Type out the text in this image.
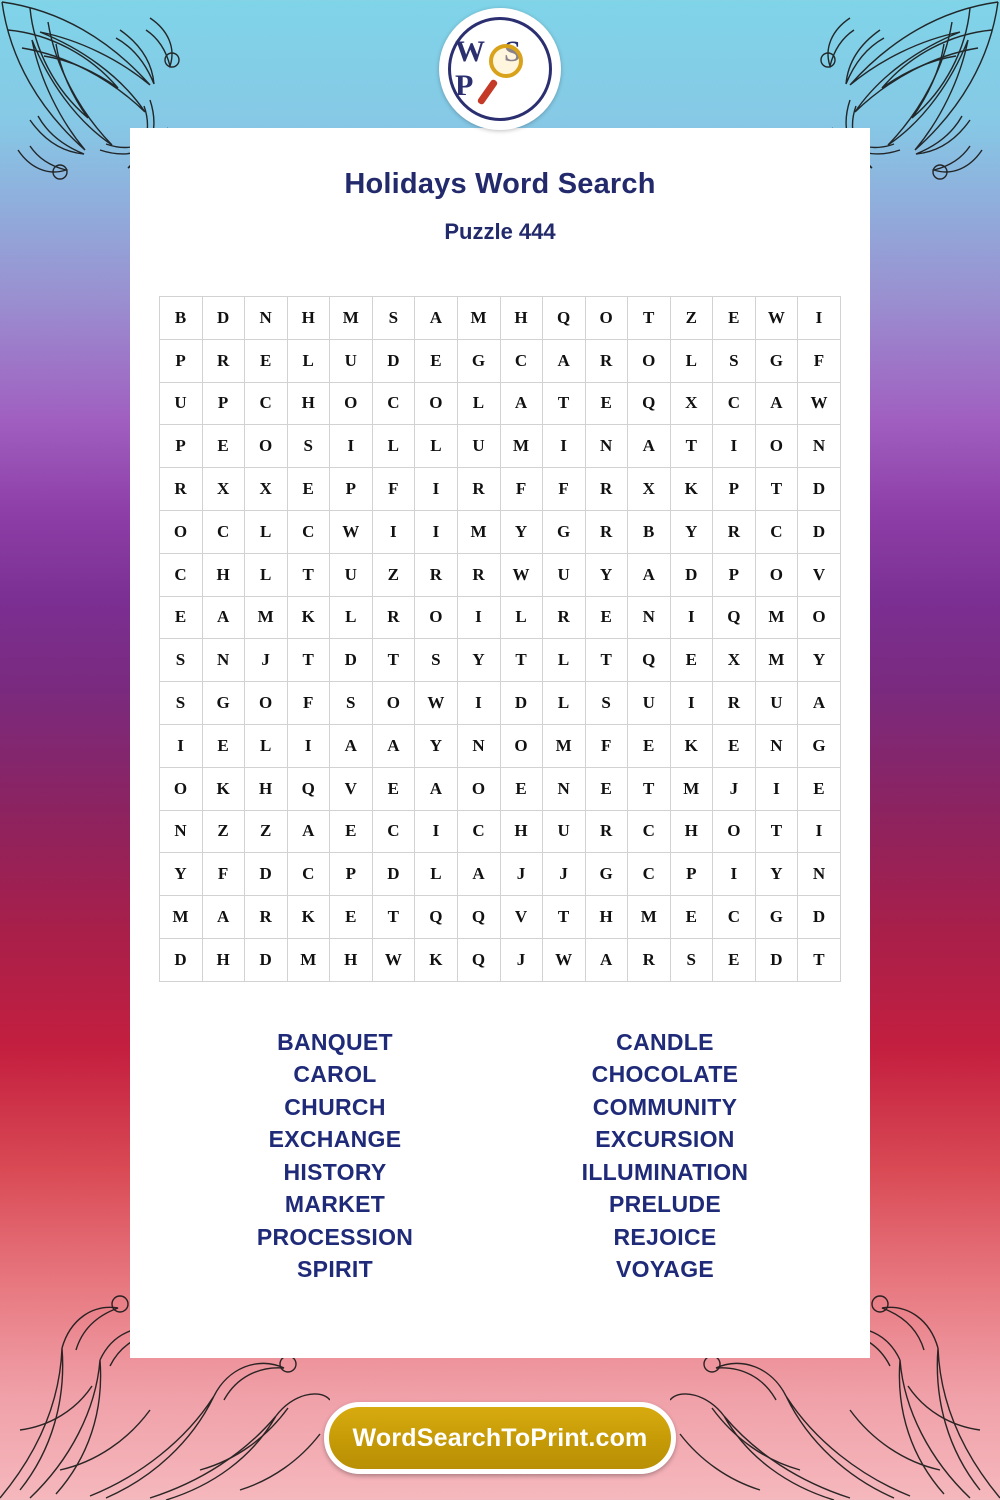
W S P
Holidays Word Search
Puzzle 444
B	D	N	H	M	S	A	M	H	Q	O	T	Z	E	W	I
P	R	E	L	U	D	E	G	C	A	R	O	L	S	G	F
U	P	C	H	O	C	O	L	A	T	E	Q	X	C	A	W
P	E	O	S	I	L	L	U	M	I	N	A	T	I	O	N
R	X	X	E	P	F	I	R	F	F	R	X	K	P	T	D
O	C	L	C	W	I	I	M	Y	G	R	B	Y	R	C	D
C	H	L	T	U	Z	R	R	W	U	Y	A	D	P	O	V
E	A	M	K	L	R	O	I	L	R	E	N	I	Q	M	O
S	N	J	T	D	T	S	Y	T	L	T	Q	E	X	M	Y
S	G	O	F	S	O	W	I	D	L	S	U	I	R	U	A
I	E	L	I	A	A	Y	N	O	M	F	E	K	E	N	G
O	K	H	Q	V	E	A	O	E	N	E	T	M	J	I	E
N	Z	Z	A	E	C	I	C	H	U	R	C	H	O	T	I
Y	F	D	C	P	D	L	A	J	J	G	C	P	I	Y	N
M	A	R	K	E	T	Q	Q	V	T	H	M	E	C	G	D
D	H	D	M	H	W	K	Q	J	W	A	R	S	E	D	T
BANQUET
CAROL
CHURCH
EXCHANGE
HISTORY
MARKET
PROCESSION
SPIRIT
CANDLE
CHOCOLATE
COMMUNITY
EXCURSION
ILLUMINATION
PRELUDE
REJOICE
VOYAGE
WordSearchToPrint.com
